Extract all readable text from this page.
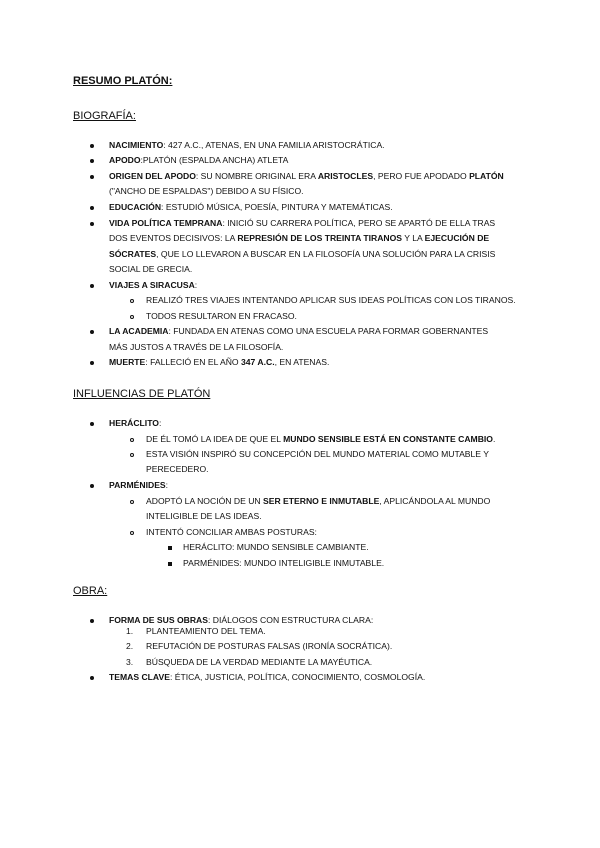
RESUMO PLATÓN:
BIOGRAFÍA:
NACIMIENTO: 427 A.C., ATENAS, EN UNA FAMILIA ARISTOCRÁTICA.
APODO:PLATÓN (ESPALDA ANCHA) ATLETA
ORIGEN DEL APODO: SU NOMBRE ORIGINAL ERA ARISTOCLES, PERO FUE APODADO PLATÓN
("ANCHO DE ESPALDAS") DEBIDO A SU FÍSICO.
EDUCACIÓN: ESTUDIÓ MÚSICA, POESÍA, PINTURA Y MATEMÁTICAS.
VIDA POLÍTICA TEMPRANA: INICIÓ SU CARRERA POLÍTICA, PERO SE APARTÓ DE ELLA TRAS
DOS EVENTOS DECISIVOS: LA REPRESIÓN DE LOS TREINTA TIRANOS Y LA EJECUCIÓN DE
SÓCRATES, QUE LO LLEVARON A BUSCAR EN LA FILOSOFÍA UNA SOLUCIÓN PARA LA CRISIS
SOCIAL DE GRECIA.
VIAJES A SIRACUSA:
REALIZÓ TRES VIAJES INTENTANDO APLICAR SUS IDEAS POLÍTICAS CON LOS TIRANOS.
TODOS RESULTARON EN FRACASO.
LA ACADEMIA: FUNDADA EN ATENAS COMO UNA ESCUELA PARA FORMAR GOBERNANTES
MÁS JUSTOS A TRAVÉS DE LA FILOSOFÍA.
MUERTE: FALLECIÓ EN EL AÑO 347 A.C., EN ATENAS.
INFLUENCIAS DE PLATÓN
HERÁCLITO:
DE ÉL TOMÓ LA IDEA DE QUE EL MUNDO SENSIBLE ESTÁ EN CONSTANTE CAMBIO.
ESTA VISIÓN INSPIRÓ SU CONCEPCIÓN DEL MUNDO MATERIAL COMO MUTABLE Y
PERECEDERO.
PARMÉNIDES:
ADOPTÓ LA NOCIÓN DE UN SER ETERNO E INMUTABLE, APLICÁNDOLA AL MUNDO
INTELIGIBLE DE LAS IDEAS.
INTENTÓ CONCILIAR AMBAS POSTURAS:
HERÁCLITO: MUNDO SENSIBLE CAMBIANTE.
PARMÉNIDES: MUNDO INTELIGIBLE INMUTABLE.
OBRA:
FORMA DE SUS OBRAS: DIÁLOGOS CON ESTRUCTURA CLARA:
1. PLANTEAMIENTO DEL TEMA.
2. REFUTACIÓN DE POSTURAS FALSAS (IRONÍA SOCRÁTICA).
3. BÚSQUEDA DE LA VERDAD MEDIANTE LA MAYÉUTICA.
TEMAS CLAVE: ÉTICA, JUSTICIA, POLÍTICA, CONOCIMIENTO, COSMOLOGÍA.
